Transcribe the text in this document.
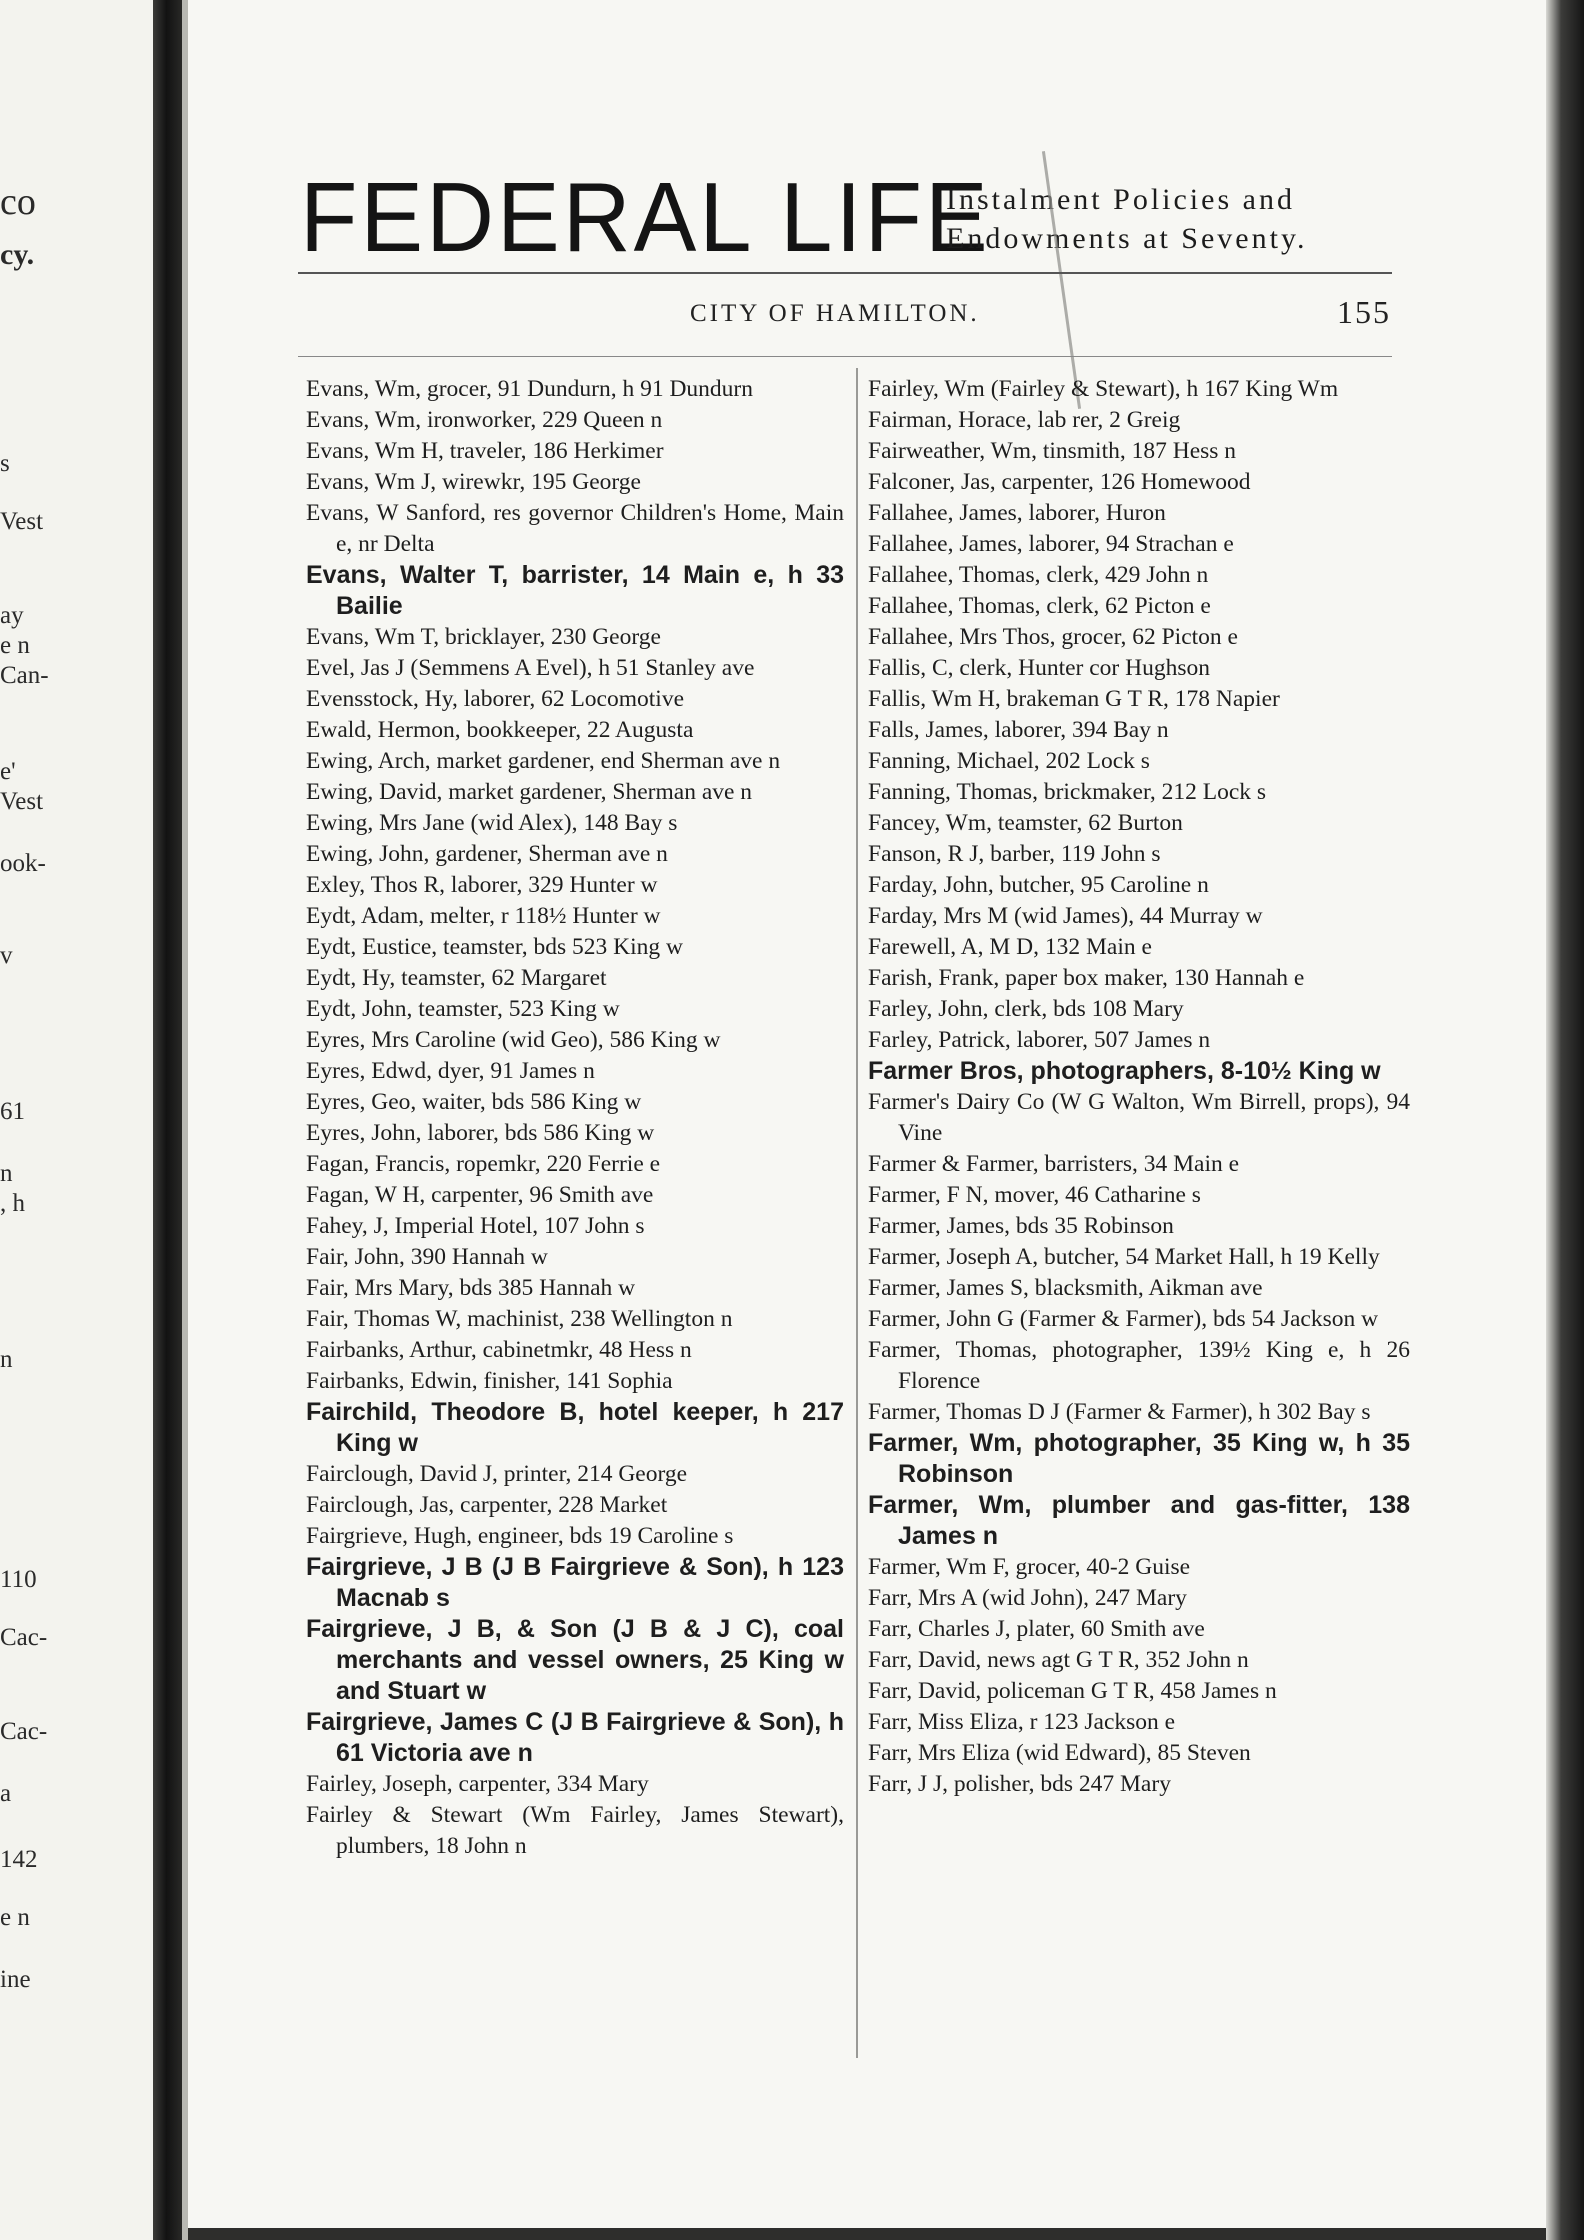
co
cy.
s
Vest
ay
e n
Can-
e'
Vest
ook-
v
61
n
, h
n
110
Cac-
Cac-
a
142
e n
ine
FEDERAL LIFE
Instalment Policies and
Endowments at Seventy.
CITY OF HAMILTON.	155
Evans, Wm, grocer, 91 Dundurn, h 91 Dundurn
Evans, Wm, ironworker, 229 Queen n
Evans, Wm H, traveler, 186 Herkimer
Evans, Wm J, wirewkr, 195 George
Evans, W Sanford, res governor Children's Home, Main e, nr Delta
Evans, Walter T, barrister, 14 Main e, h 33 Bailie
Evans, Wm T, bricklayer, 230 George
Evel, Jas J (Semmens A Evel), h 51 Stanley ave
Evensstock, Hy, laborer, 62 Locomotive
Ewald, Hermon, bookkeeper, 22 Augusta
Ewing, Arch, market gardener, end Sherman ave n
Ewing, David, market gardener, Sherman ave n
Ewing, Mrs Jane (wid Alex), 148 Bay s
Ewing, John, gardener, Sherman ave n
Exley, Thos R, laborer, 329 Hunter w
Eydt, Adam, melter, r 118½ Hunter w
Eydt, Eustice, teamster, bds 523 King w
Eydt, Hy, teamster, 62 Margaret
Eydt, John, teamster, 523 King w
Eyres, Mrs Caroline (wid Geo), 586 King w
Eyres, Edwd, dyer, 91 James n
Eyres, Geo, waiter, bds 586 King w
Eyres, John, laborer, bds 586 King w
Fagan, Francis, ropemkr, 220 Ferrie e
Fagan, W H, carpenter, 96 Smith ave
Fahey, J, Imperial Hotel, 107 John s
Fair, John, 390 Hannah w
Fair, Mrs Mary, bds 385 Hannah w
Fair, Thomas W, machinist, 238 Wellington n
Fairbanks, Arthur, cabinetmkr, 48 Hess n
Fairbanks, Edwin, finisher, 141 Sophia
Fairchild, Theodore B, hotel keeper, h 217 King w
Fairclough, David J, printer, 214 George
Fairclough, Jas, carpenter, 228 Market
Fairgrieve, Hugh, engineer, bds 19 Caroline s
Fairgrieve, J B (J B Fairgrieve & Son), h 123 Macnab s
Fairgrieve, J B, & Son (J B & J C), coal merchants and vessel owners, 25 King w and Stuart w
Fairgrieve, James C (J B Fairgrieve & Son), h 61 Victoria ave n
Fairley, Joseph, carpenter, 334 Mary
Fairley & Stewart (Wm Fairley, James Stewart), plumbers, 18 John n
Fairley, Wm (Fairley & Stewart), h 167 King Wm
Fairman, Horace, lab rer, 2 Greig
Fairweather, Wm, tinsmith, 187 Hess n
Falconer, Jas, carpenter, 126 Homewood
Fallahee, James, laborer, Huron
Fallahee, James, laborer, 94 Strachan e
Fallahee, Thomas, clerk, 429 John n
Fallahee, Thomas, clerk, 62 Picton e
Fallahee, Mrs Thos, grocer, 62 Picton e
Fallis, C, clerk, Hunter cor Hughson
Fallis, Wm H, brakeman G T R, 178 Napier
Falls, James, laborer, 394 Bay n
Fanning, Michael, 202 Lock s
Fanning, Thomas, brickmaker, 212 Lock s
Fancey, Wm, teamster, 62 Burton
Fanson, R J, barber, 119 John s
Farday, John, butcher, 95 Caroline n
Farday, Mrs M (wid James), 44 Murray w
Farewell, A, M D, 132 Main e
Farish, Frank, paper box maker, 130 Hannah e
Farley, John, clerk, bds 108 Mary
Farley, Patrick, laborer, 507 James n
Farmer Bros, photographers, 8-10½ King w
Farmer's Dairy Co (W G Walton, Wm Birrell, props), 94 Vine
Farmer & Farmer, barristers, 34 Main e
Farmer, F N, mover, 46 Catharine s
Farmer, James, bds 35 Robinson
Farmer, Joseph A, butcher, 54 Market Hall, h 19 Kelly
Farmer, James S, blacksmith, Aikman ave
Farmer, John G (Farmer & Farmer), bds 54 Jackson w
Farmer, Thomas, photographer, 139½ King e, h 26 Florence
Farmer, Thomas D J (Farmer & Farmer), h 302 Bay s
Farmer, Wm, photographer, 35 King w, h 35 Robinson
Farmer, Wm, plumber and gas-fitter, 138 James n
Farmer, Wm F, grocer, 40-2 Guise
Farr, Mrs A (wid John), 247 Mary
Farr, Charles J, plater, 60 Smith ave
Farr, David, news agt G T R, 352 John n
Farr, David, policeman G T R, 458 James n
Farr, Miss Eliza, r 123 Jackson e
Farr, Mrs Eliza (wid Edward), 85 Steven
Farr, J J, polisher, bds 247 Mary
